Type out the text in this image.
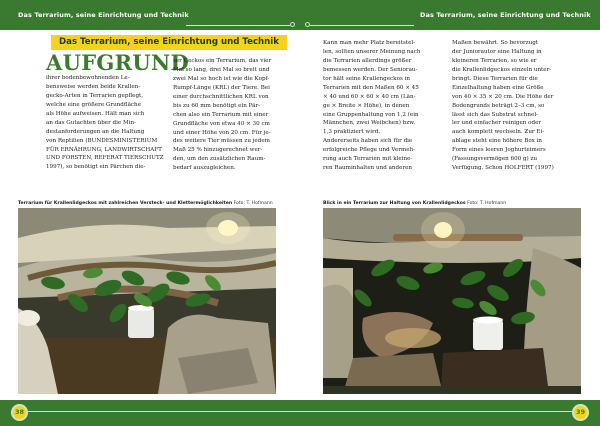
Das Terrarium, seine Einrichtung und Technik
Das Terrarium, seine Einrichtung und Technik
AUFGRUND
ihrer bodenbewohnenden Le-
bensweise werden beide Krallen-
gecko-Arten in Terrarien gepflegt,
welche eine größere Grundfläche
als Höhe aufweisen. Hält man sich
an das Gutachten über die Min-
destanforderungen an die Haltung
von Reptilien (BUNDESMINISTERIUM
FÜR ERNÄHRUNG, LANDWIRTSCHAFT
UND FORSTEN, REFERAT TIERSCHUTZ
1997), so benötigt ein Pärchen die-
ser Geckos ein Terrarium, das vier
Mal so lang, drei Mal so breit und
zwei Mal so hoch ist wie die Kopf-
Rumpf-Länge (KRL) der Tiere. Bei
einer durchschnittlichen KRL von
bis zu 60 mm benötigt ein Pär-
chen also ein Terrarium mit einer
Grundfläche von etwa 40 × 30 cm
und einer Höhe von 20 cm. Für je-
des weitere Tier müssen zu jedem
Maß 25 % hinzugerechnet wer-
den, um den zusätzlichen Raum-
bedarf auszugleichen.
Terrarium für Krallenlidgeckos mit zahlreichen Versteck- und Klettermöglichkeiten Foto: T. Hofmann
38
Das Terrarium, seine Einrichtung und Technik
Kann man mehr Platz bereitstel-
len, sollten unserer Meinung nach
die Terrarien allerdings größer
bemessen werden. Der Seniorau-
tor hält seine Krallengeckos in
Terrarien mit den Maßen 60 × 45
× 40 und 60 × 60 × 40 cm (Län-
ge × Breite × Höhe), in denen
eine Gruppenhaltung von 1,2 (ein
Männchen, zwei Weibchen) bzw.
1,3 praktiziert wird.
Andererseits haben sich für die
erfolgreiche Pflege und Vermeh-
rung auch Terrarien mit kleine-
ren Rauminhalten und anderen
Maßen bewährt. So bevorzugt
der Juniorautor eine Haltung in
kleineren Terrarien, so wie er
die Krallenlidgeckos einzeln unter-
bringt. Diese Terrarien für die
Einzelhaltung haben eine Größe
von 40 × 35 × 20 cm. Die Höhe der
Bodengrunds beträgt 2–3 cm, so
lässt sich das Substrat schnel-
ler und einfacher reinigen oder
auch komplett wechseln. Zur Ei-
ablage steht eine höhere Box in
Form eines leeren Joghurteimers
(Fassungsvermögen 600 g) zu
Verfügung. Schon HOLFERT (1997)
Blick in ein Terrarium zur Haltung von Krallenlidgeckos Foto: T. Hofmann
39
